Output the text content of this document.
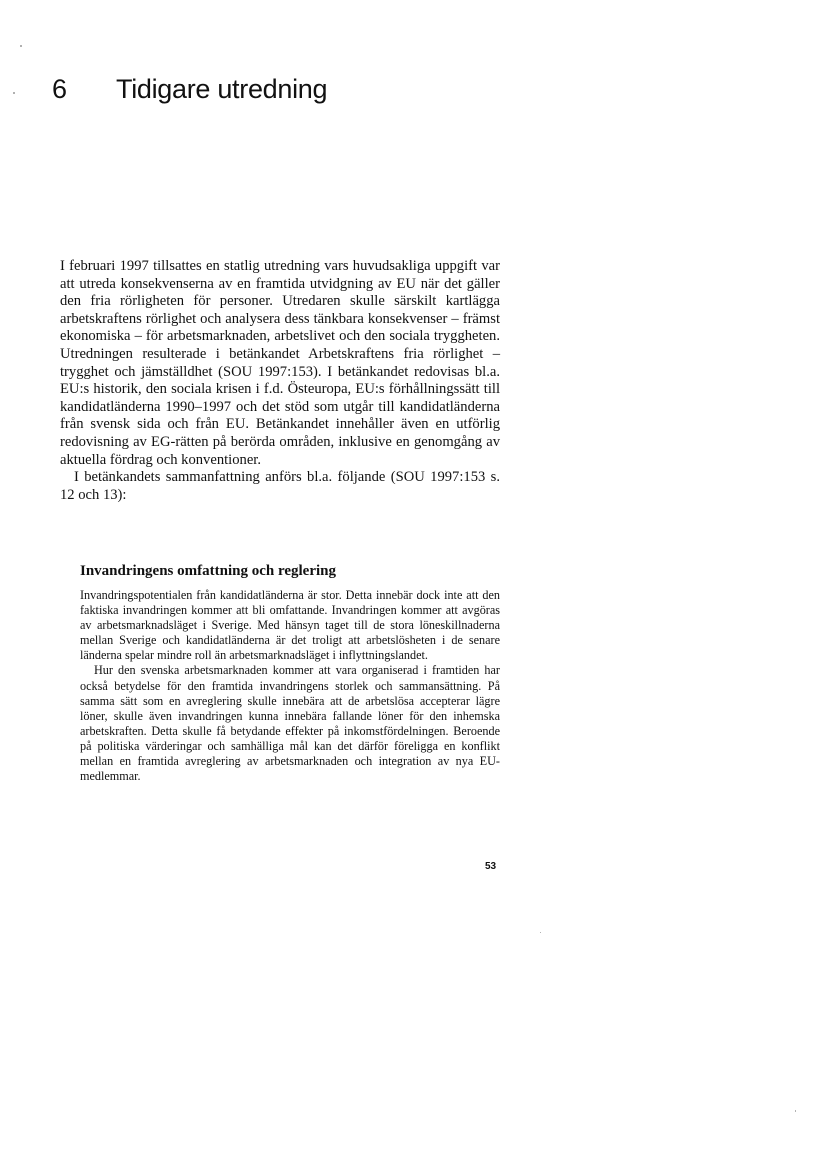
6 Tidigare utredning

I februari 1997 tillsattes en statlig utredning vars huvudsakliga uppgift var att utreda konsekvenserna av en framtida utvidgning av EU när det gäller den fria rörligheten för personer. Utredaren skulle särskilt kartlägga arbetskraftens rörlighet och analysera dess tänkbara konsekvenser – främst ekonomiska – för arbetsmarknaden, arbetslivet och den sociala tryggheten. Utredningen resulterade i betänkandet Arbetskraftens fria rörlighet – trygghet och jämställdhet (SOU 1997:153). I betänkandet redovisas bl.a. EU:s historik, den sociala krisen i f.d. Östeuropa, EU:s förhållningssätt till kandidatländerna 1990–1997 och det stöd som utgår till kandidatländerna från svensk sida och från EU. Betänkandet innehåller även en utförlig redovisning av EG-rätten på berörda områden, inklusive en genomgång av aktuella fördrag och konventioner.

I betänkandets sammanfattning anförs bl.a. följande (SOU 1997:153 s. 12 och 13):

Invandringens omfattning och reglering

Invandringspotentialen från kandidatländerna är stor. Detta innebär dock inte att den faktiska invandringen kommer att bli omfattande. Invandringen kommer att avgöras av arbetsmarknadsläget i Sverige. Med hänsyn taget till de stora löneskillnaderna mellan Sverige och kandidatländerna är det troligt att arbetslösheten i de senare länderna spelar mindre roll än arbetsmarknadsläget i inflyttningslandet.

Hur den svenska arbetsmarknaden kommer att vara organiserad i framtiden har också betydelse för den framtida invandringens storlek och sammansättning. På samma sätt som en avreglering skulle innebära att de arbetslösa accepterar lägre löner, skulle även invandringen kunna innebära fallande löner för den inhemska arbetskraften. Detta skulle få betydande effekter på inkomstfördelningen. Beroende på politiska värderingar och samhälliga mål kan det därför föreligga en konflikt mellan en framtida avreglering av arbetsmarknaden och integration av nya EU-medlemmar.

53
